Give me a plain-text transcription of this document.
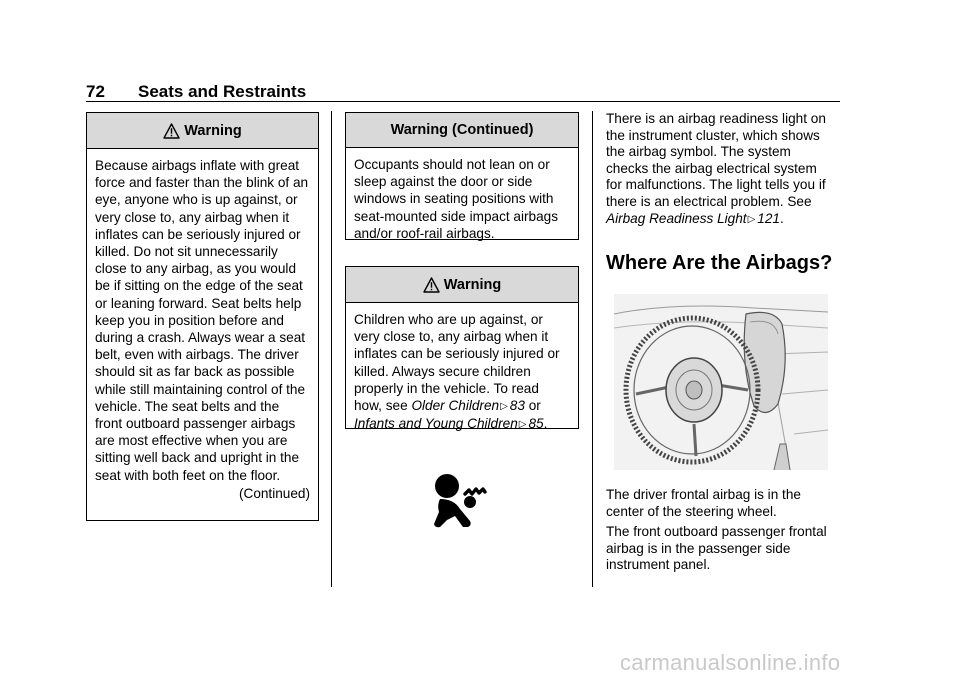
72 Seats and Restraints
Warning

Because airbags inflate with great force and faster than the blink of an eye, anyone who is up against, or very close to, any airbag when it inflates can be seriously injured or killed. Do not sit unnecessarily close to any airbag, as you would be if sitting on the edge of the seat or leaning forward. Seat belts help keep you in position before and during a crash. Always wear a seat belt, even with airbags. The driver should sit as far back as possible while still maintaining control of the vehicle. The seat belts and the front outboard passenger airbags are most effective when you are sitting well back and upright in the seat with both feet on the floor.

(Continued)
Warning (Continued)

Occupants should not lean on or sleep against the door or side windows in seating positions with seat-mounted side impact airbags and/or roof-rail airbags.

Warning

Children who are up against, or very close to, any airbag when it inflates can be seriously injured or killed. Always secure children properly in the vehicle. To read how, see Older Children▷ 83 or Infants and Young Children▷ 85.

There is an airbag readiness light on the instrument cluster, which shows the airbag symbol. The system checks the airbag electrical system for malfunctions. The light tells you if there is an electrical problem. See Airbag Readiness Light▷ 121.

Where Are the Airbags?

The driver frontal airbag is in the center of the steering wheel.

The front outboard passenger frontal airbag is in the passenger side instrument panel.

carmanualsonline.info
